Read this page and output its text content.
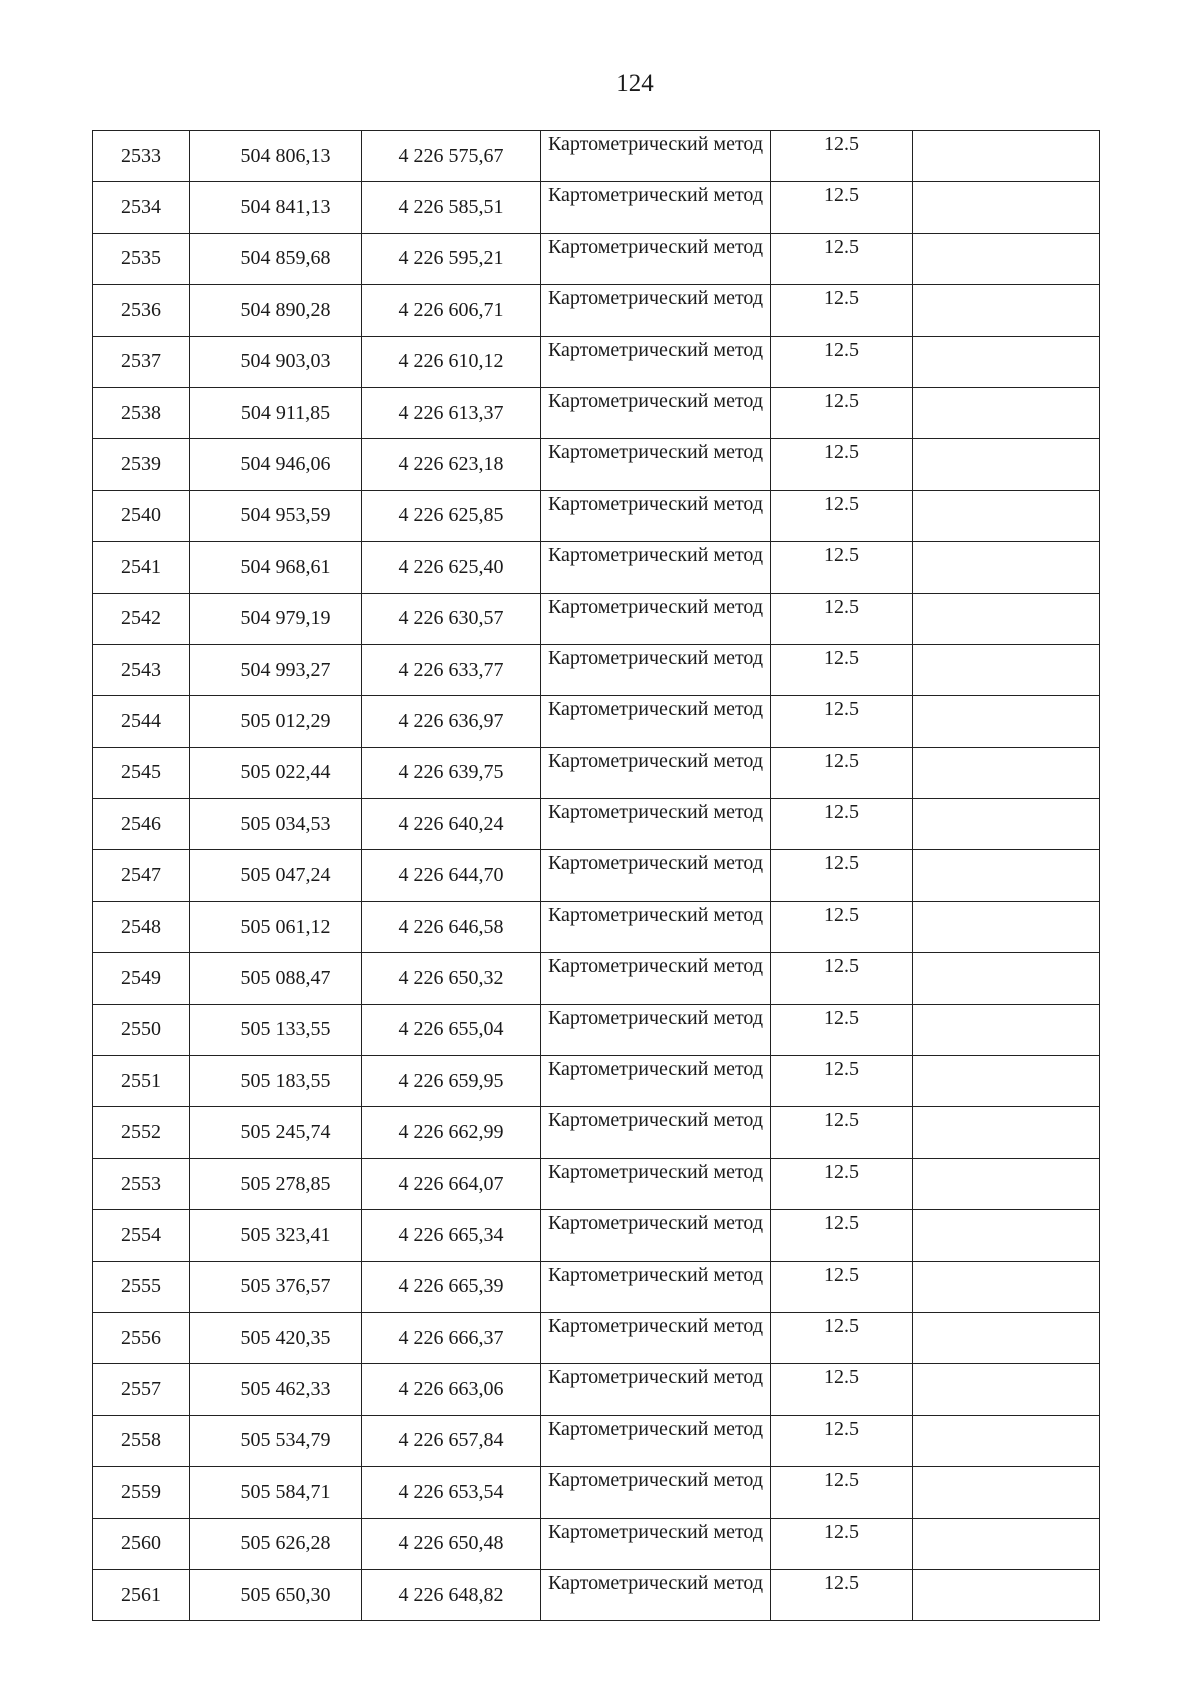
124
2533	504 806,13	4 226 575,67	Картометрический метод	12.5	
2534	504 841,13	4 226 585,51	Картометрический метод	12.5	
2535	504 859,68	4 226 595,21	Картометрический метод	12.5	
2536	504 890,28	4 226 606,71	Картометрический метод	12.5	
2537	504 903,03	4 226 610,12	Картометрический метод	12.5	
2538	504 911,85	4 226 613,37	Картометрический метод	12.5	
2539	504 946,06	4 226 623,18	Картометрический метод	12.5	
2540	504 953,59	4 226 625,85	Картометрический метод	12.5	
2541	504 968,61	4 226 625,40	Картометрический метод	12.5	
2542	504 979,19	4 226 630,57	Картометрический метод	12.5	
2543	504 993,27	4 226 633,77	Картометрический метод	12.5	
2544	505 012,29	4 226 636,97	Картометрический метод	12.5	
2545	505 022,44	4 226 639,75	Картометрический метод	12.5	
2546	505 034,53	4 226 640,24	Картометрический метод	12.5	
2547	505 047,24	4 226 644,70	Картометрический метод	12.5	
2548	505 061,12	4 226 646,58	Картометрический метод	12.5	
2549	505 088,47	4 226 650,32	Картометрический метод	12.5	
2550	505 133,55	4 226 655,04	Картометрический метод	12.5	
2551	505 183,55	4 226 659,95	Картометрический метод	12.5	
2552	505 245,74	4 226 662,99	Картометрический метод	12.5	
2553	505 278,85	4 226 664,07	Картометрический метод	12.5	
2554	505 323,41	4 226 665,34	Картометрический метод	12.5	
2555	505 376,57	4 226 665,39	Картометрический метод	12.5	
2556	505 420,35	4 226 666,37	Картометрический метод	12.5	
2557	505 462,33	4 226 663,06	Картометрический метод	12.5	
2558	505 534,79	4 226 657,84	Картометрический метод	12.5	
2559	505 584,71	4 226 653,54	Картометрический метод	12.5	
2560	505 626,28	4 226 650,48	Картометрический метод	12.5	
2561	505 650,30	4 226 648,82	Картометрический метод	12.5	
